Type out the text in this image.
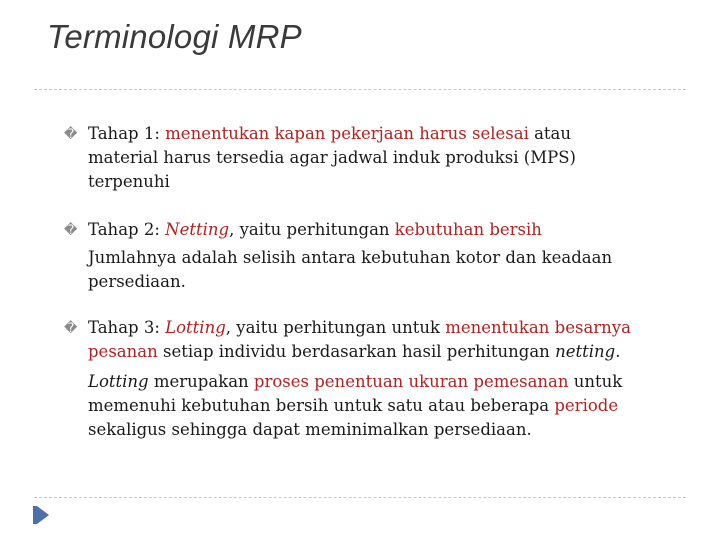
Terminologi MRP
� Tahap 1: menentukan kapan pekerjaan harus selesai atau
material harus tersedia agar jadwal induk produksi (MPS)
terpenuhi
� Tahap 2: Netting, yaitu perhitungan kebutuhan bersih
Jumlahnya adalah selisih antara kebutuhan kotor dan keadaan
persediaan.
� Tahap 3: Lotting, yaitu perhitungan untuk menentukan besarnya
pesanan setiap individu berdasarkan hasil perhitungan netting.
Lotting merupakan proses penentuan ukuran pemesanan untuk
memenuhi kebutuhan bersih untuk satu atau beberapa periode
sekaligus sehingga dapat meminimalkan persediaan.
